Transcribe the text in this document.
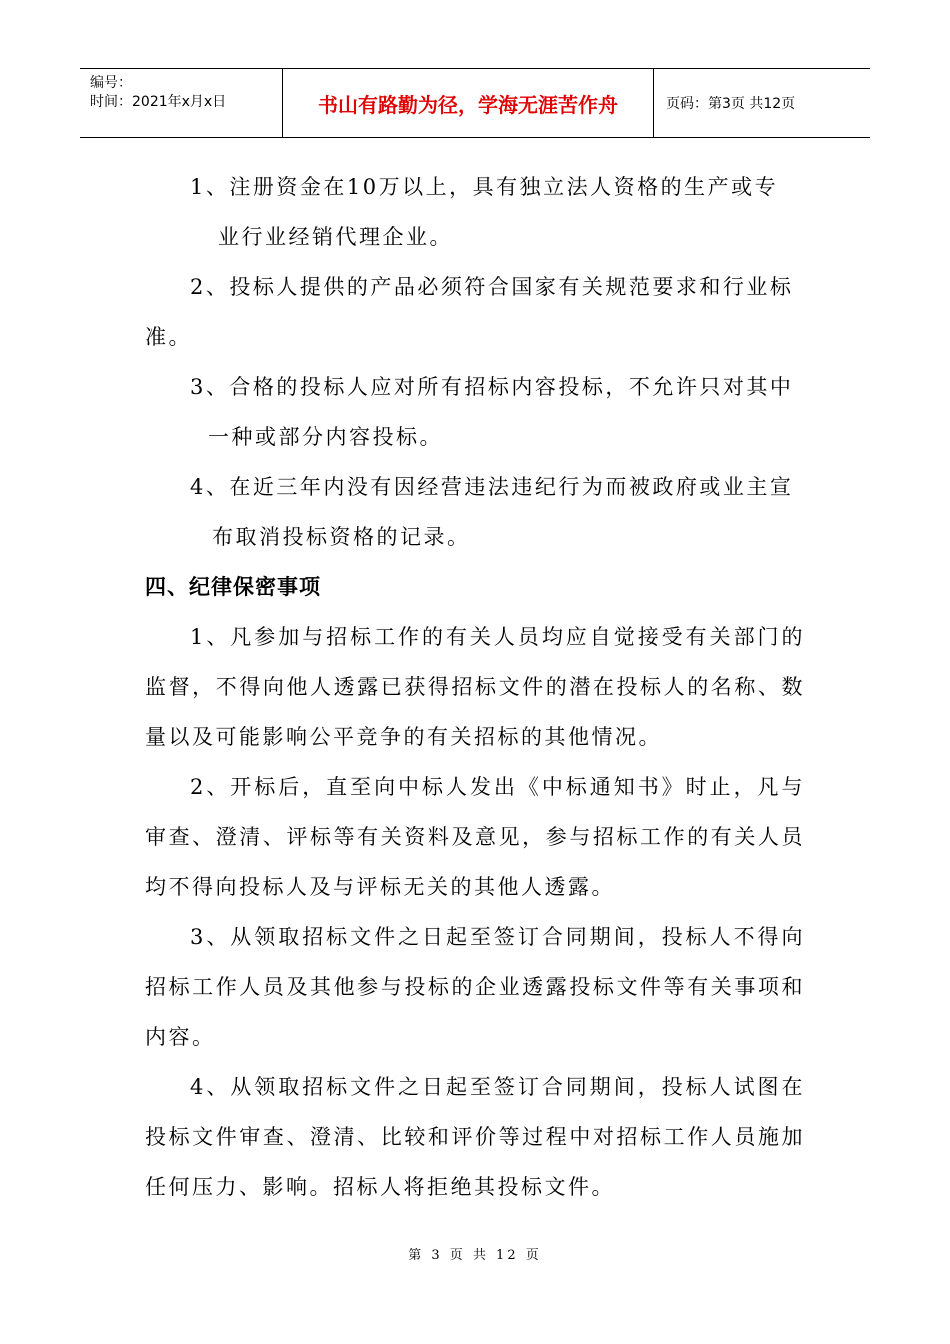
编号：
时间：2021年x月x日	书山有路勤为径，学海无涯苦作舟	页码：第3页 共12页

1、注册资金在10万以上，具有独立法人资格的生产或专
业行业经销代理企业。

2、投标人提供的产品必须符合国家有关规范要求和行业标
准。

3、合格的投标人应对所有招标内容投标，不允许只对其中
一种或部分内容投标。

4、在近三年内没有因经营违法违纪行为而被政府或业主宣
布取消投标资格的记录。

四、纪律保密事项

1、凡参加与招标工作的有关人员均应自觉接受有关部门的监督，不得向他人透露已获得招标文件的潜在投标人的名称、数量以及可能影响公平竞争的有关招标的其他情况。

2、开标后，直至向中标人发出《中标通知书》时止，凡与审查、澄清、评标等有关资料及意见，参与招标工作的有关人员均不得向投标人及与评标无关的其他人透露。

3、从领取招标文件之日起至签订合同期间，投标人不得向招标工作人员及其他参与投标的企业透露投标文件等有关事项和内容。

4、从领取招标文件之日起至签订合同期间，投标人试图在投标文件审查、澄清、比较和评价等过程中对招标工作人员施加任何压力、影响。招标人将拒绝其投标文件。

第 3 页 共 12 页
